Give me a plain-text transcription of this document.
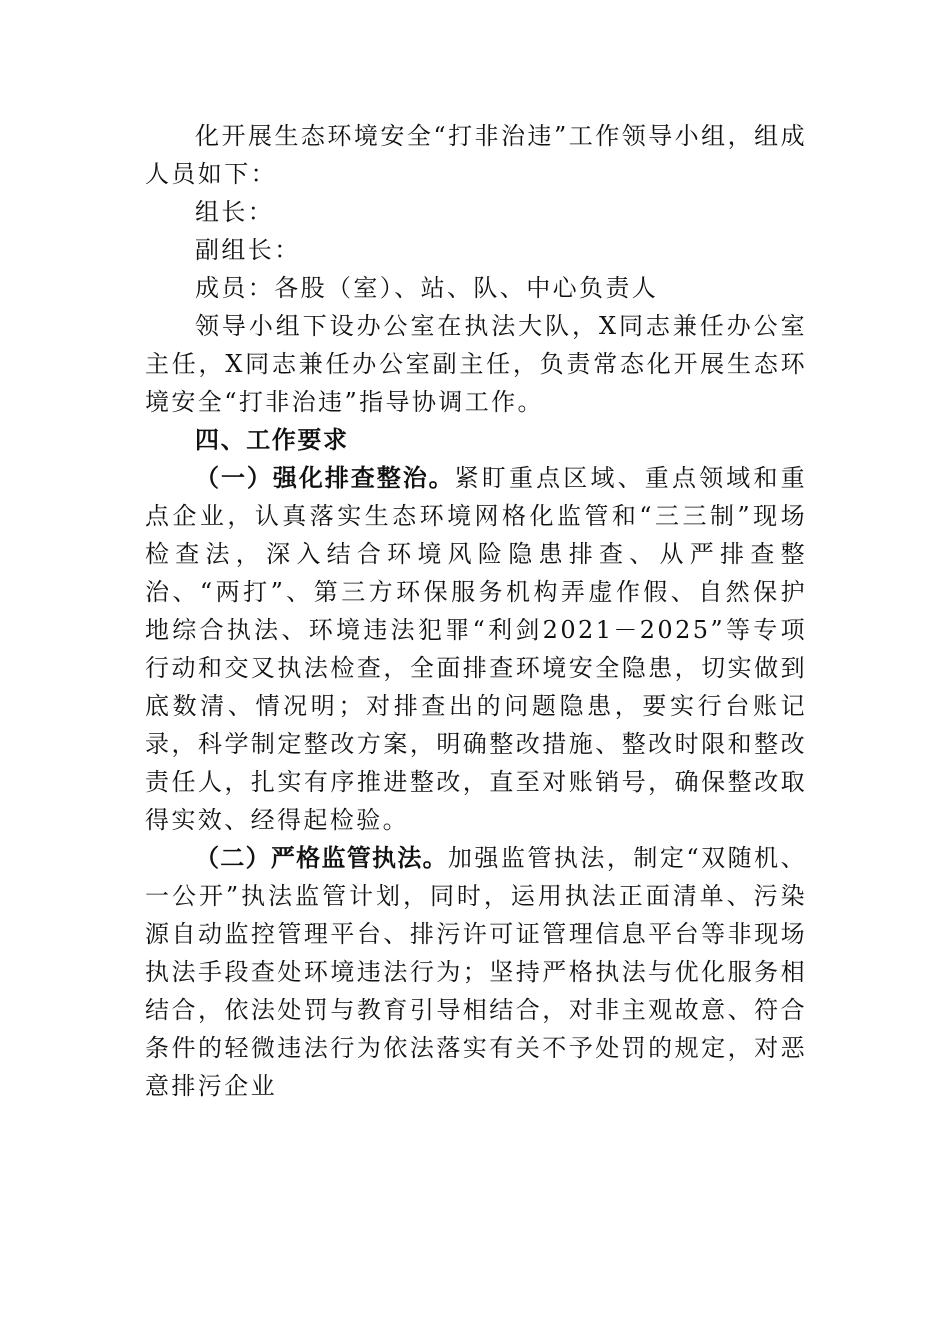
化开展生态环境安全“打非治违”工作领导小组，组成人员如下：

组长：

副组长：

成员：各股（室）、站、队、中心负责人

领导小组下设办公室在执法大队，X同志兼任办公室主任，X同志兼任办公室副主任，负责常态化开展生态环境安全“打非治违”指导协调工作。

四、工作要求

（一）强化排查整治。紧盯重点区域、重点领域和重点企业，认真落实生态环境网格化监管和“三三制”现场检查法，深入结合环境风险隐患排查、从严排查整治、“两打”、第三方环保服务机构弄虚作假、自然保护地综合执法、环境违法犯罪“利剑2021－2025”等专项行动和交叉执法检查，全面排查环境安全隐患，切实做到底数清、情况明；对排查出的问题隐患，要实行台账记录，科学制定整改方案，明确整改措施、整改时限和整改责任人，扎实有序推进整改，直至对账销号，确保整改取得实效、经得起检验。

（二）严格监管执法。加强监管执法，制定“双随机、一公开”执法监管计划，同时，运用执法正面清单、污染源自动监控管理平台、排污许可证管理信息平台等非现场执法手段查处环境违法行为；坚持严格执法与优化服务相结合，依法处罚与教育引导相结合，对非主观故意、符合条件的轻微违法行为依法落实有关不予处罚的规定，对恶意排污企业
